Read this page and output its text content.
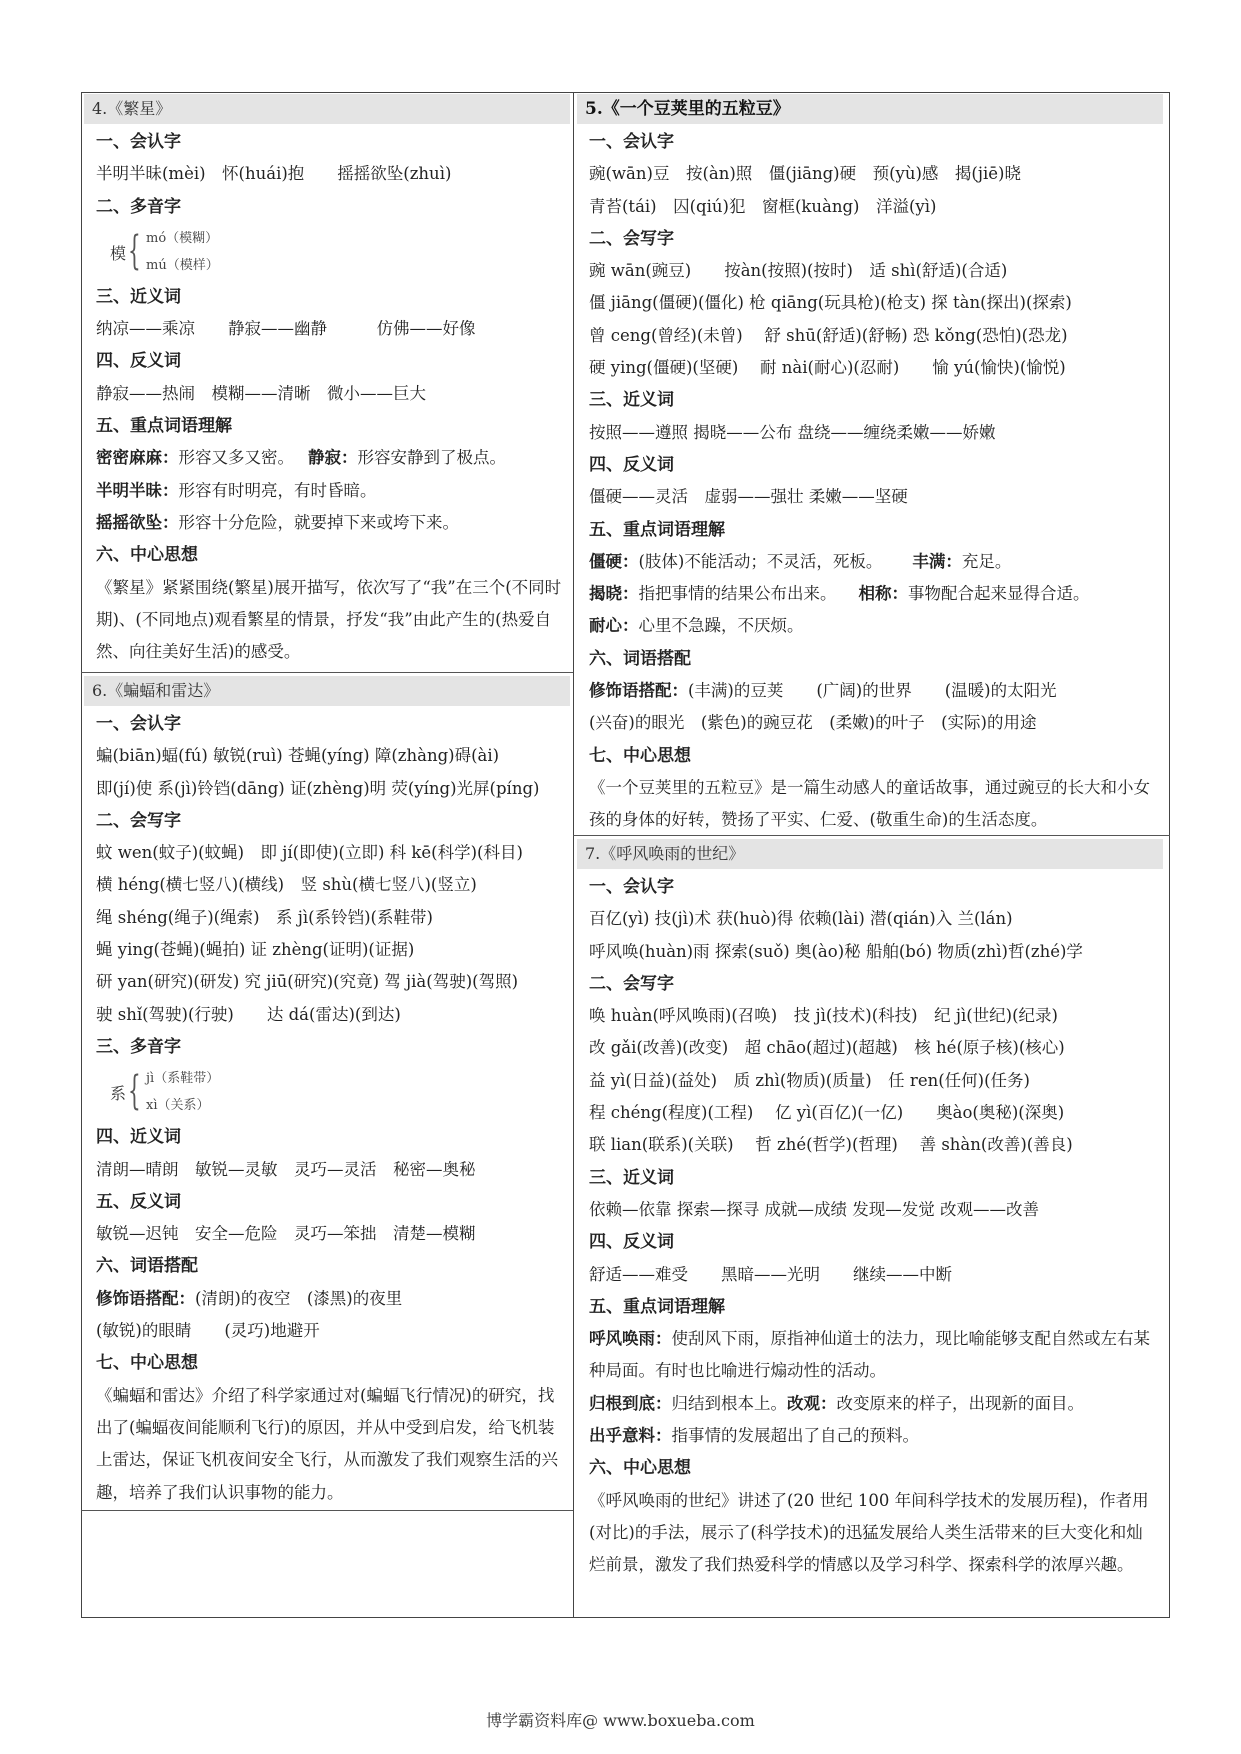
4.《繁星》
一、会认字
半明半昧(mèi)　怀(huái)抱　　摇摇欲坠(zhuì)
二、多音字
模 { mó（模糊）
mú（模样）
三、近义词
纳凉——乘凉　　静寂——幽静　　　仿佛——好像
四、反义词
静寂——热闹　模糊——清晰　微小——巨大
五、重点词语理解
密密麻麻：形容又多又密。 静寂：形容安静到了极点。
半明半昧：形容有时明亮，有时昏暗。
摇摇欲坠：形容十分危险，就要掉下来或垮下来。
六、中心思想
《繁星》紧紧围绕(繁星)展开描写，依次写了“我”在三个(不同时期)、(不同地点)观看繁星的情景，抒发“我”由此产生的(热爱自然、向往美好生活)的感受。
6.《蝙蝠和雷达》
一、会认字
蝙(biān)蝠(fú) 敏锐(ruì) 苍蝇(yíng) 障(zhàng)碍(ài)
即(jí)使 系(jì)铃铛(dāng) 证(zhèng)明 荧(yíng)光屏(píng)
二、会写字
蚊 wen(蚊子)(蚊蝇)　即 jí(即使)(立即) 科 kē(科学)(科目)
横 héng(横七竖八)(横线)　竖 shù(横七竖八)(竖立)
绳 shéng(绳子)(绳索)　系 jì(系铃铛)(系鞋带)
蝇 ying(苍蝇)(蝇拍) 证 zhèng(证明)(证据)
研 yan(研究)(研发) 究 jiū(研究)(究竟) 驾 jià(驾驶)(驾照)
驶 shǐ(驾驶)(行驶)　　达 dá(雷达)(到达)
三、多音字
系 { jì（系鞋带）
xì（关系）
四、近义词
清朗—晴朗　敏锐—灵敏　灵巧—灵活　秘密—奥秘
五、反义词
敏锐—迟钝　安全—危险　灵巧—笨拙　清楚—模糊
六、词语搭配
修饰语搭配：(清朗)的夜空　(漆黑)的夜里
(敏锐)的眼睛　　(灵巧)地避开
七、中心思想
《蝙蝠和雷达》介绍了科学家通过对(蝙蝠飞行情况)的研究，找出了(蝙蝠夜间能顺利飞行)的原因，并从中受到启发，给飞机装上雷达，保证飞机夜间安全飞行，从而激发了我们观察生活的兴趣，培养了我们认识事物的能力。
5.《一个豆荚里的五粒豆》
一、会认字
豌(wān)豆　按(àn)照　僵(jiāng)硬　预(yù)感　揭(jiē)晓
青苔(tái)　囚(qiú)犯　窗框(kuàng)　洋溢(yì)
二、会写字
豌 wān(豌豆)　　按àn(按照)(按时)　适 shì(舒适)(合适)
僵 jiāng(僵硬)(僵化) 枪 qiāng(玩具枪)(枪支) 探 tàn(探出)(探索)
曾 ceng(曾经)(未曾)　 舒 shū(舒适)(舒畅) 恐 kǒng(恐怕)(恐龙)
硬 ying(僵硬)(坚硬)　 耐 nài(耐心)(忍耐)　　愉 yú(愉快)(愉悦)
三、近义词
按照——遵照 揭晓——公布 盘绕——缠绕柔嫩——娇嫩
四、反义词
僵硬——灵活　虚弱——强壮 柔嫩——坚硬
五、重点词语理解
僵硬：(肢体)不能活动；不灵活，死板。 丰满：充足。
揭晓：指把事情的结果公布出来。 相称：事物配合起来显得合适。
耐心：心里不急躁，不厌烦。
六、词语搭配
修饰语搭配：(丰满)的豆荚　　(广阔)的世界　　(温暖)的太阳光
(兴奋)的眼光　(紫色)的豌豆花　(柔嫩)的叶子　(实际)的用途
七、中心思想
《一个豆荚里的五粒豆》是一篇生动感人的童话故事，通过豌豆的长大和小女孩的身体的好转，赞扬了平实、仁爱、(敬重生命)的生活态度。
7.《呼风唤雨的世纪》
一、会认字
百亿(yì) 技(jì)术 获(huò)得 依赖(lài) 潜(qián)入 兰(lán)
呼风唤(huàn)雨 探索(suǒ) 奥(ào)秘 船舶(bó) 物质(zhì)哲(zhé)学
二、会写字
唤 huàn(呼风唤雨)(召唤)　技 jì(技术)(科技)　纪 jì(世纪)(纪录)
改 gǎi(改善)(改变)　超 chāo(超过)(超越)　核 hé(原子核)(核心)
益 yì(日益)(益处)　质 zhì(物质)(质量)　任 ren(任何)(任务)
程 chéng(程度)(工程)　 亿 yì(百亿)(一亿)　　奥ào(奥秘)(深奥)
联 lian(联系)(关联)　 哲 zhé(哲学)(哲理)　 善 shàn(改善)(善良)
三、近义词
依赖—依靠 探索—探寻 成就—成绩 发现—发觉 改观——改善
四、反义词
舒适——难受　　黑暗——光明　　继续——中断
五、重点词语理解
呼风唤雨：使刮风下雨，原指神仙道士的法力，现比喻能够支配自然或左右某种局面。有时也比喻进行煽动性的活动。
归根到底：归结到根本上。改观：改变原来的样子，出现新的面目。
出乎意料：指事情的发展超出了自己的预料。
六、中心思想
《呼风唤雨的世纪》讲述了(20 世纪 100 年间科学技术的发展历程)，作者用(对比)的手法，展示了(科学技术)的迅猛发展给人类生活带来的巨大变化和灿烂前景，激发了我们热爱科学的情感以及学习科学、探索科学的浓厚兴趣。
博学霸资料库@ www.boxueba.com
